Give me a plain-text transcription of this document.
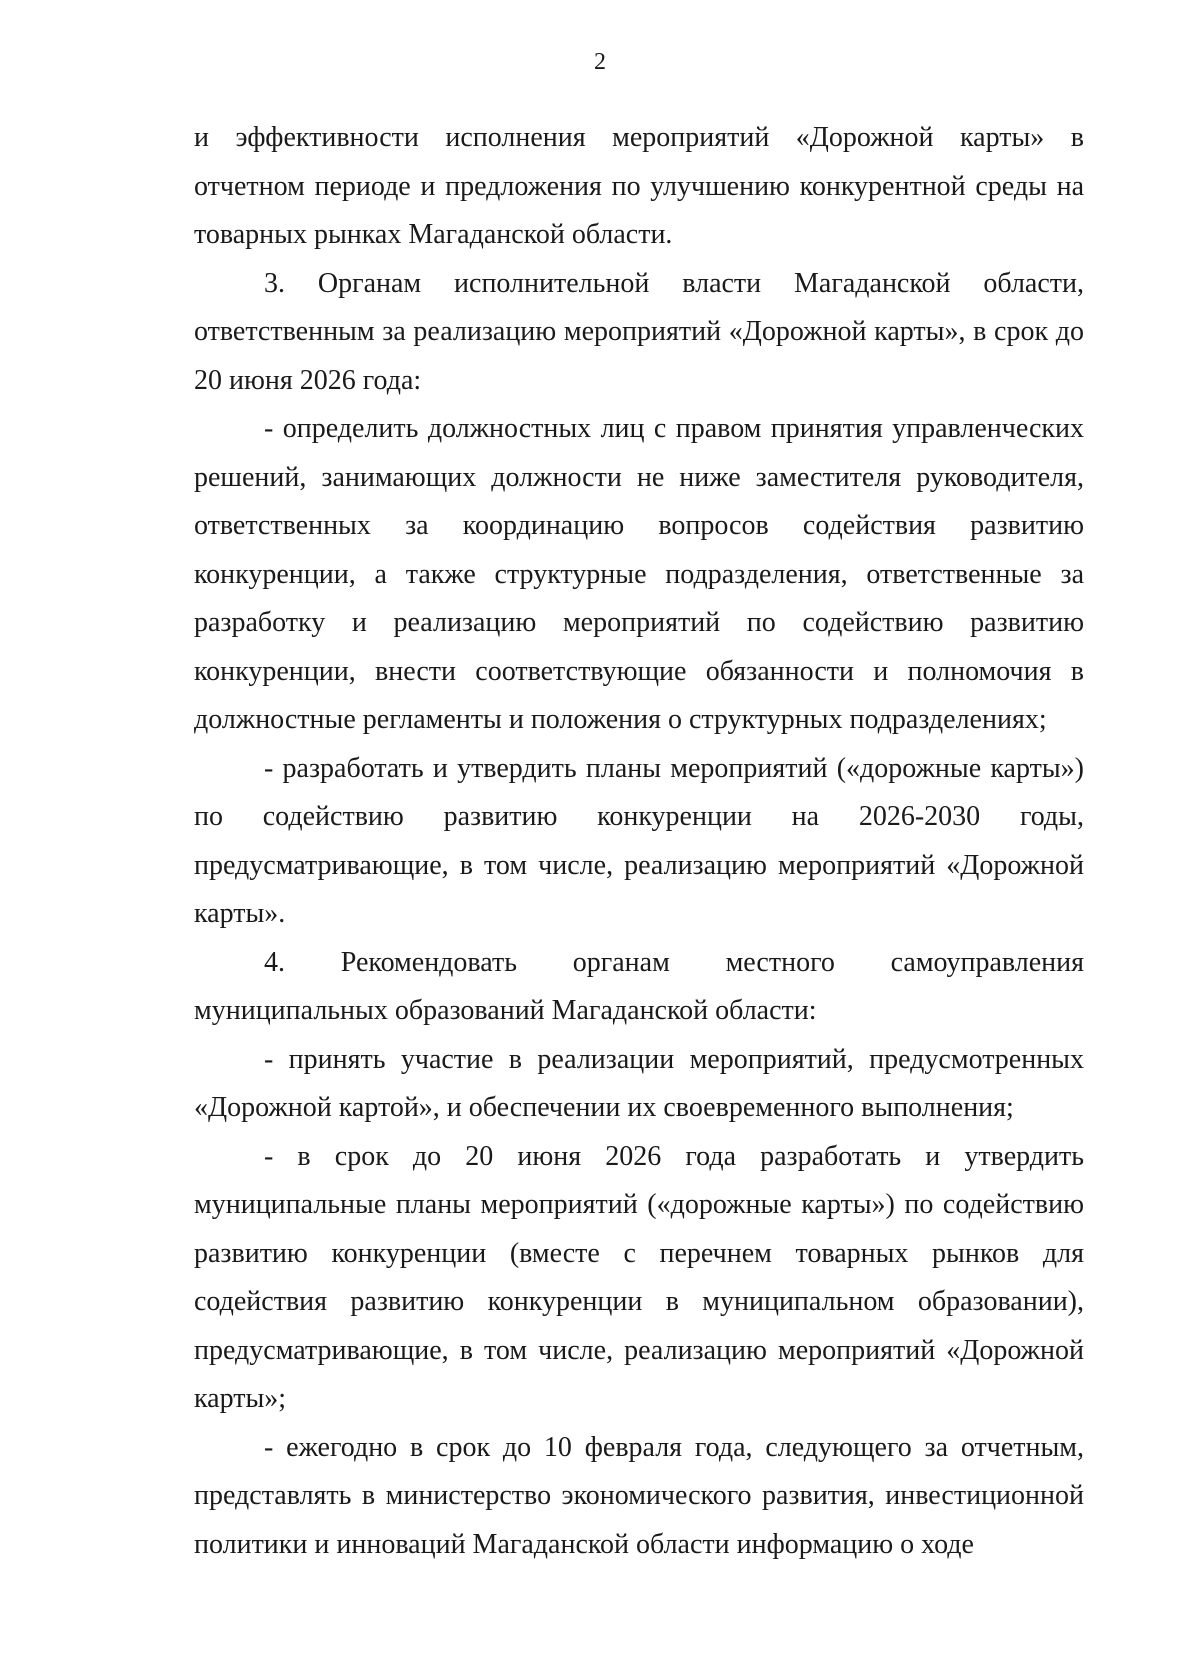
2

и эффективности исполнения мероприятий «Дорожной карты» в отчетном периоде и предложения по улучшению конкурентной среды на товарных рынках Магаданской области.

3. Органам исполнительной власти Магаданской области, ответственным за реализацию мероприятий «Дорожной карты», в срок до 20 июня 2026 года:

- определить должностных лиц с правом принятия управленческих решений, занимающих должности не ниже заместителя руководителя, ответственных за координацию вопросов содействия развитию конкуренции, а также структурные подразделения, ответственные за разработку и реализацию мероприятий по содействию развитию конкуренции, внести соответствующие обязанности и полномочия в должностные регламенты и положения о структурных подразделениях;

- разработать и утвердить планы мероприятий («дорожные карты») по содействию развитию конкуренции на 2026-2030 годы, предусматривающие, в том числе, реализацию мероприятий «Дорожной карты».

4. Рекомендовать органам местного самоуправления муниципальных образований Магаданской области:

- принять участие в реализации мероприятий, предусмотренных «Дорожной картой», и обеспечении их своевременного выполнения;

- в срок до 20 июня 2026 года разработать и утвердить муниципальные планы мероприятий («дорожные карты») по содействию развитию конкуренции (вместе с перечнем товарных рынков для содействия развитию конкуренции в муниципальном образовании), предусматривающие, в том числе, реализацию мероприятий «Дорожной карты»;

- ежегодно в срок до 10 февраля года, следующего за отчетным, представлять в министерство экономического развития, инвестиционной политики и инноваций Магаданской области информацию о ходе
